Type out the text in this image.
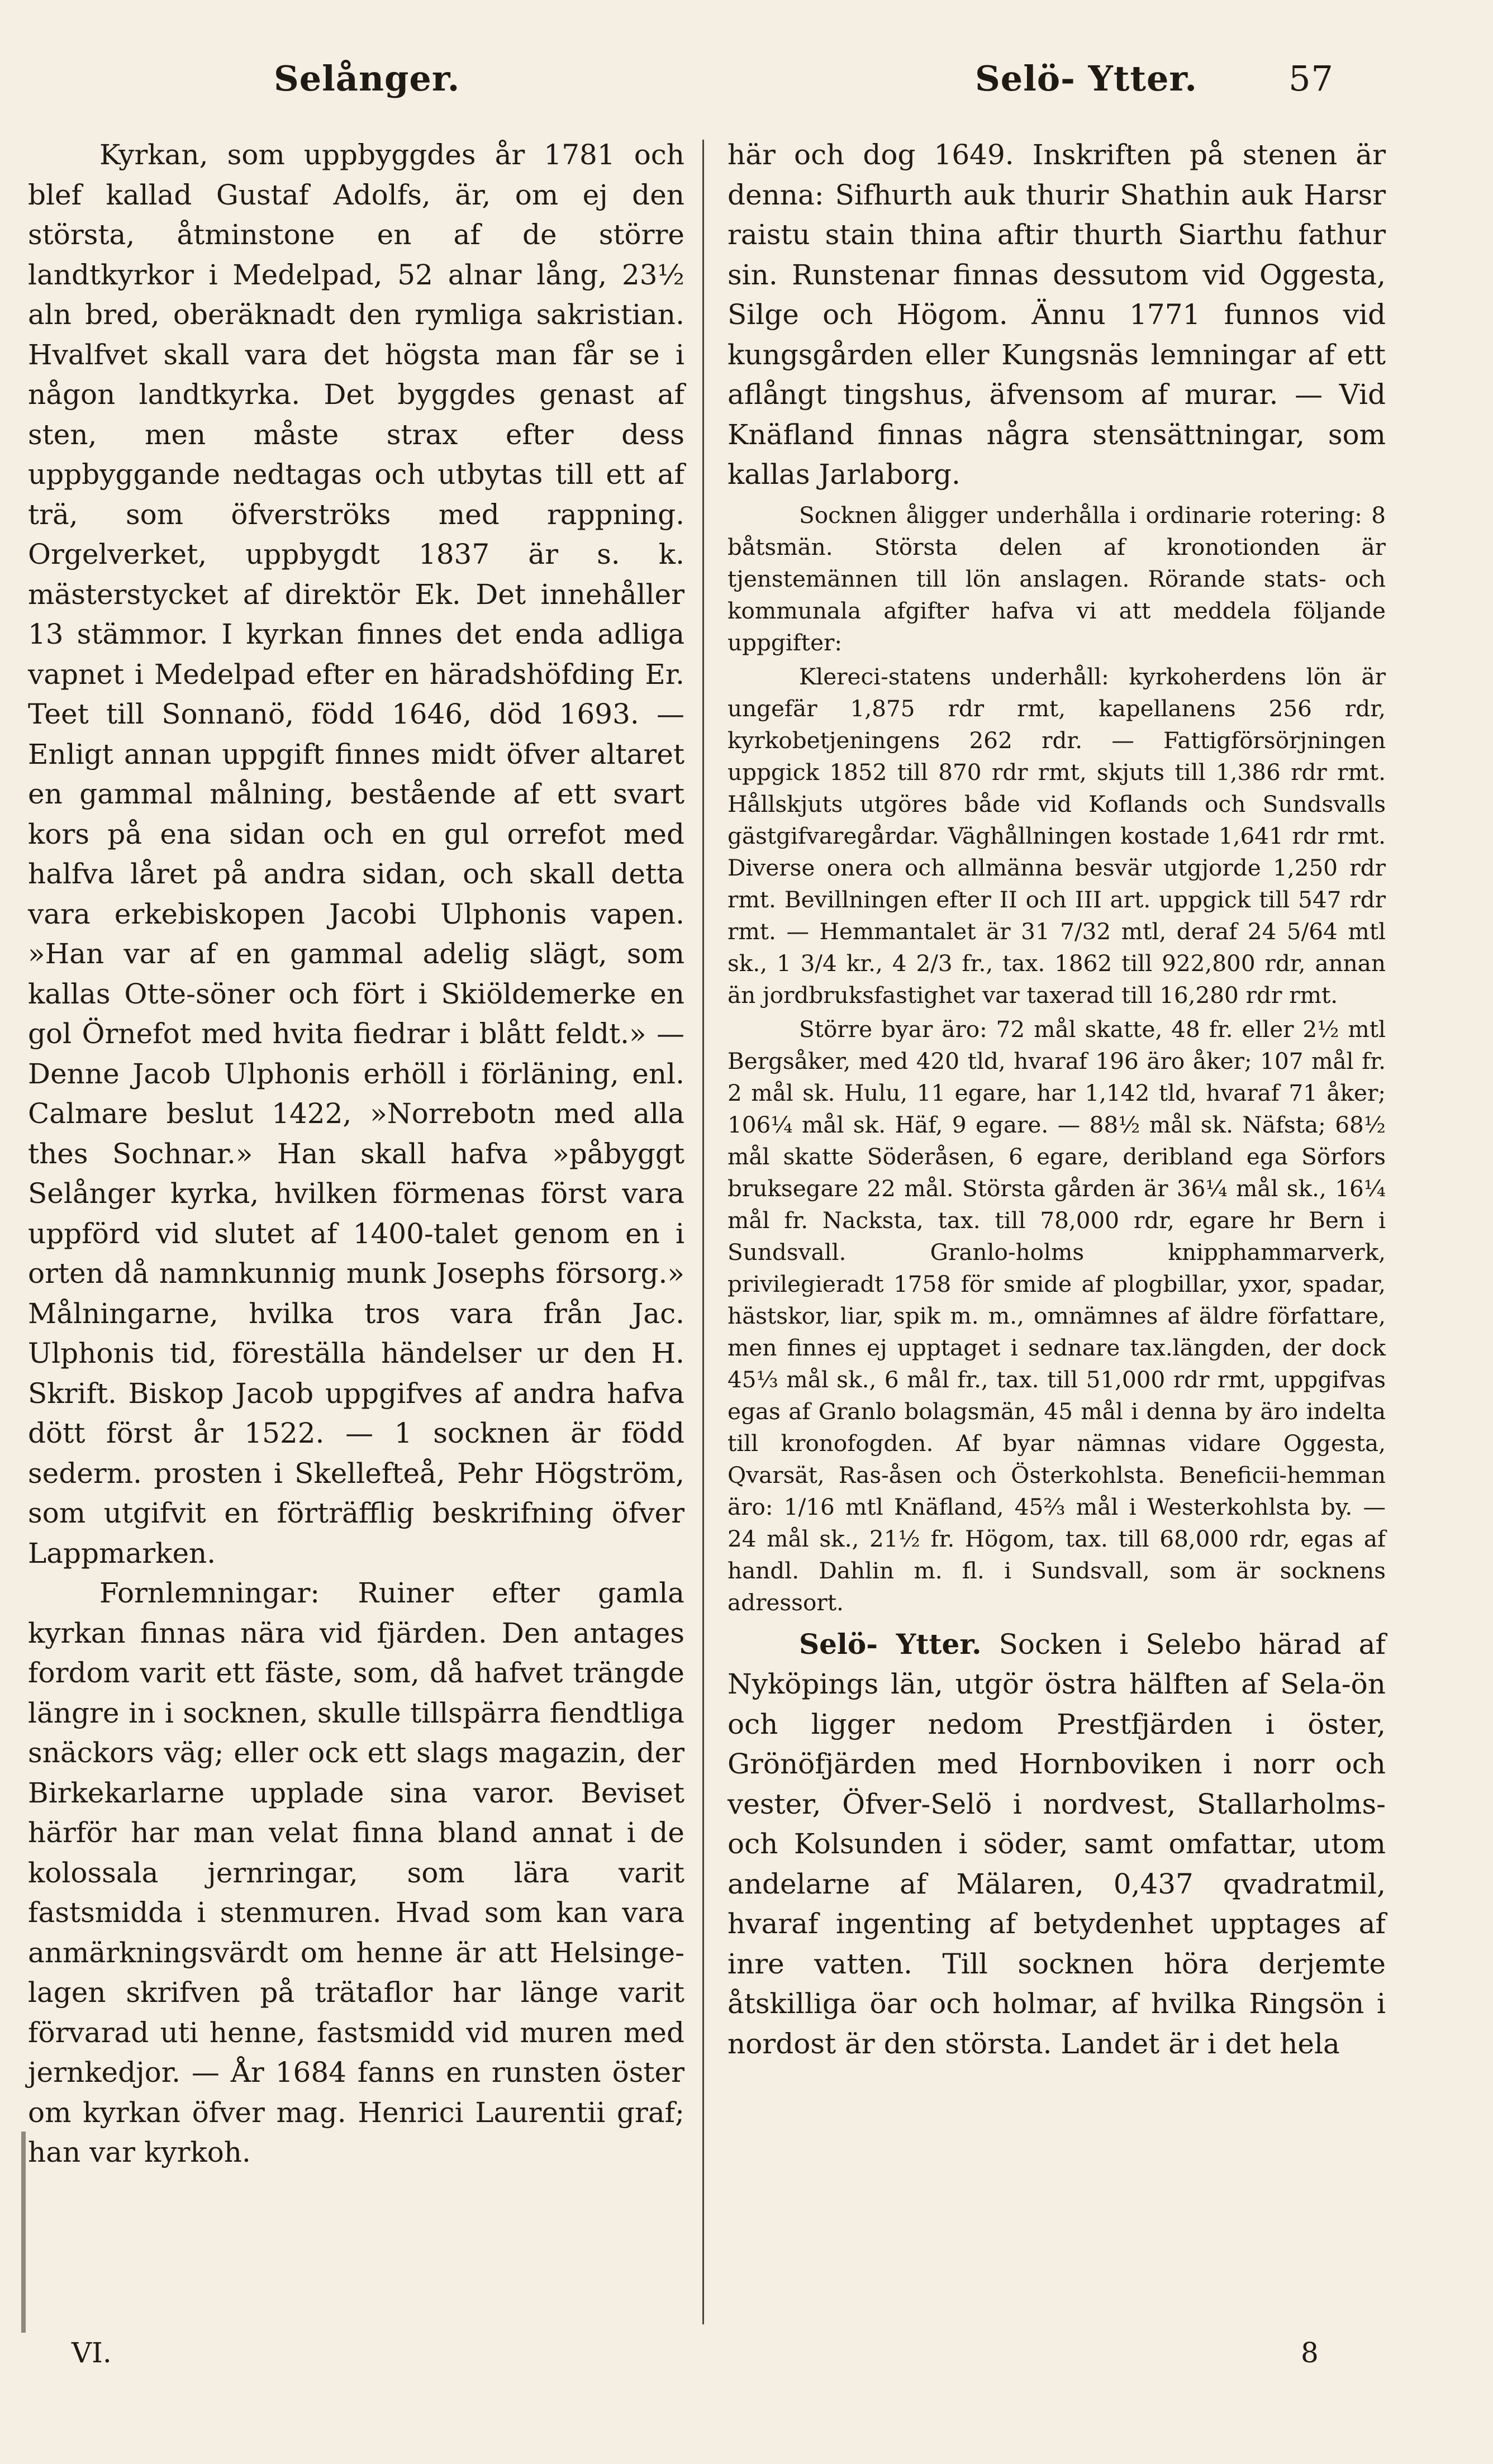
Selånger.	Selö- Ytter.	57

Kyrkan, som uppbyggdes år 1781 och blef kallad Gustaf Adolfs, är, om ej den största, åtminstone en af de större landtkyrkor i Medelpad, 52 alnar lång, 23½ aln bred, oberäknadt den rymliga sakristian. Hvalfvet skall vara det högsta man får se i någon landtkyrka. Det byggdes genast af sten, men måste strax efter dess uppbyggande nedtagas och utbytas till ett af trä, som öfverströks med rappning. Orgelverket, uppbygdt 1837 är s. k. mästerstycket af direktör Ek. Det innehåller 13 stämmor. I kyrkan finnes det enda adliga vapnet i Medelpad efter en häradshöfding Er. Teet till Sonnanö, född 1646, död 1693. — Enligt annan uppgift finnes midt öfver altaret en gammal målning, bestående af ett svart kors på ena sidan och en gul orrefot med halfva låret på andra sidan, och skall detta vara erkebiskopen Jacobi Ulphonis vapen. »Han var af en gammal adelig slägt, som kallas Otte-söner och fört i Skiöldemerke en gol Örnefot med hvita fiedrar i blått feldt.» — Denne Jacob Ulphonis erhöll i förläning, enl. Calmare beslut 1422, »Norrebotn med alla thes Sochnar.» Han skall hafva »påbyggt Selånger kyrka, hvilken förmenas först vara uppförd vid slutet af 1400-talet genom en i orten då namnkunnig munk Josephs försorg.» Målningarne, hvilka tros vara från Jac. Ulphonis tid, föreställa händelser ur den H. Skrift. Biskop Jacob uppgifves af andra hafva dött först år 1522. — 1 socknen är född sederm. prosten i Skellefteå, Pehr Högström, som utgifvit en förträfflig beskrifning öfver Lappmarken.

Fornlemningar: Ruiner efter gamla kyrkan finnas nära vid fjärden. Den antages fordom varit ett fäste, som, då hafvet trängde längre in i socknen, skulle tillspärra fiendtliga snäckors väg; eller ock ett slags magazin, der Birkekarlarne upplade sina varor. Beviset härför har man velat finna bland annat i de kolossala jernringar, som lära varit fastsmidda i stenmuren. Hvad som kan vara anmärkningsvärdt om henne är att Helsinge-lagen skrifven på trätaflor har länge varit förvarad uti henne, fastsmidd vid muren med jernkedjor. — År 1684 fanns en runsten öster om kyrkan öfver mag. Henrici Laurentii graf; han var kyrkoh.

här och dog 1649. Inskriften på stenen är denna: Sifhurth auk thurir Shathin auk Harsr raistu stain thina aftir thurth Siarthu fathur sin. Runstenar finnas dessutom vid Oggesta, Silge och Högom. Ännu 1771 funnos vid kungsgården eller Kungsnäs lemningar af ett aflångt tingshus, äfvensom af murar. — Vid Knäfland finnas några stensättningar, som kallas Jarlaborg.

Socknen åligger underhålla i ordinarie rotering: 8 båtsmän. Största delen af kronotionden är tjenstemännen till lön anslagen. Rörande stats- och kommunala afgifter hafva vi att meddela följande uppgifter:

Klereci-statens underhåll: kyrkoherdens lön är ungefär 1,875 rdr rmt, kapellanens 256 rdr, kyrkobetjeningens 262 rdr. — Fattigförsörjningen uppgick 1852 till 870 rdr rmt, skjuts till 1,386 rdr rmt. Hållskjuts utgöres både vid Koflands och Sundsvalls gästgifvaregårdar. Väghållningen kostade 1,641 rdr rmt. Diverse onera och allmänna besvär utgjorde 1,250 rdr rmt. Bevillningen efter II och III art. uppgick till 547 rdr rmt. — Hemmantalet är 31 7/32 mtl, deraf 24 5/64 mtl sk., 1 3/4 kr., 4 2/3 fr., tax. 1862 till 922,800 rdr, annan än jordbruksfastighet var taxerad till 16,280 rdr rmt.

Större byar äro: 72 mål skatte, 48 fr. eller 2½ mtl Bergsåker, med 420 tld, hvaraf 196 äro åker; 107 mål fr. 2 mål sk. Hulu, 11 egare, har 1,142 tld, hvaraf 71 åker; 106¼ mål sk. Häf, 9 egare. — 88½ mål sk. Näfsta; 68½ mål skatte Söderåsen, 6 egare, deribland ega Sörfors bruksegare 22 mål. Största gården är 36¼ mål sk., 16¼ mål fr. Nacksta, tax. till 78,000 rdr, egare hr Bern i Sundsvall. Granlo-holms knipphammarverk, privilegieradt 1758 för smide af plogbillar, yxor, spadar, hästskor, liar, spik m. m., omnämnes af äldre författare, men finnes ej upptaget i sednare tax.längden, der dock 45⅓ mål sk., 6 mål fr., tax. till 51,000 rdr rmt, uppgifvas egas af Granlo bolagsmän, 45 mål i denna by äro indelta till kronofogden. Af byar nämnas vidare Oggesta, Qvarsät, Ras-åsen och Österkohlsta. Beneficii-hemman äro: 1/16 mtl Knäfland, 45⅔ mål i Westerkohlsta by. — 24 mål sk., 21½ fr. Högom, tax. till 68,000 rdr, egas af handl. Dahlin m. fl. i Sundsvall, som är socknens adressort.

Selö- Ytter. Socken i Selebo härad af Nyköpings län, utgör östra hälften af Sela-ön och ligger nedom Prestfjärden i öster, Grönöfjärden med Hornboviken i norr och vester, Öfver-Selö i nordvest, Stallarholms- och Kolsunden i söder, samt omfattar, utom andelarne af Mälaren, 0,437 qvadratmil, hvaraf ingenting af betydenhet upptages af inre vatten. Till socknen höra derjemte åtskilliga öar och holmar, af hvilka Ringsön i nordost är den största. Landet är i det hela

VI.	8
